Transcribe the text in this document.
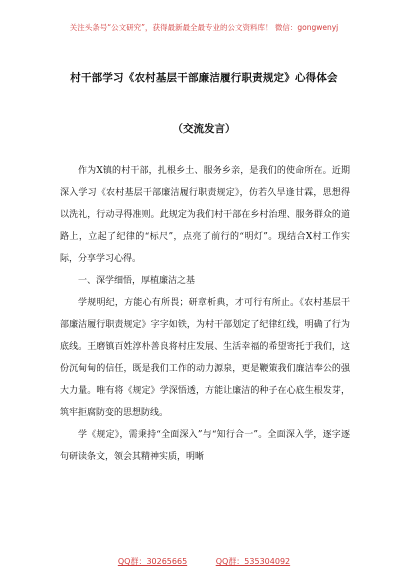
关注头条号“公文研究”，获得最新最全最专业的公文资料库！ 微信：gongwenyj
村干部学习《农村基层干部廉洁履行职责规定》心得体会
（交流发言）

作为X镇的村干部，扎根乡土、服务乡亲，是我们的使命所在。近期深入学习《农村基层干部廉洁履行职责规定》，仿若久旱逢甘霖，思想得以洗礼，行动寻得准则。此规定为我们村干部在乡村治理、服务群众的道路上，立起了纪律的“标尺”，点亮了前行的“明灯”。现结合X村工作实际，分享学习心得。

一、深学细悟，厚植廉洁之基

学规明纪，方能心有所畏；研章析典，才可行有所止。《农村基层干部廉洁履行职责规定》字字如铁，为村干部划定了纪律红线，明确了行为底线。王磨镇百姓淳朴善良将村庄发展、生活幸福的希望寄托于我们，这份沉甸甸的信任，既是我们工作的动力源泉，更是鞭策我们廉洁奉公的强大力量。唯有将《规定》学深悟透，方能让廉洁的种子在心底生根发芽，筑牢拒腐防变的思想防线。

学《规定》，需秉持“全面深入”与“知行合一”。全面深入学，逐字逐句研读条文，领会其精神实质，明晰

QQ群：30265665	QQ群：535304092
